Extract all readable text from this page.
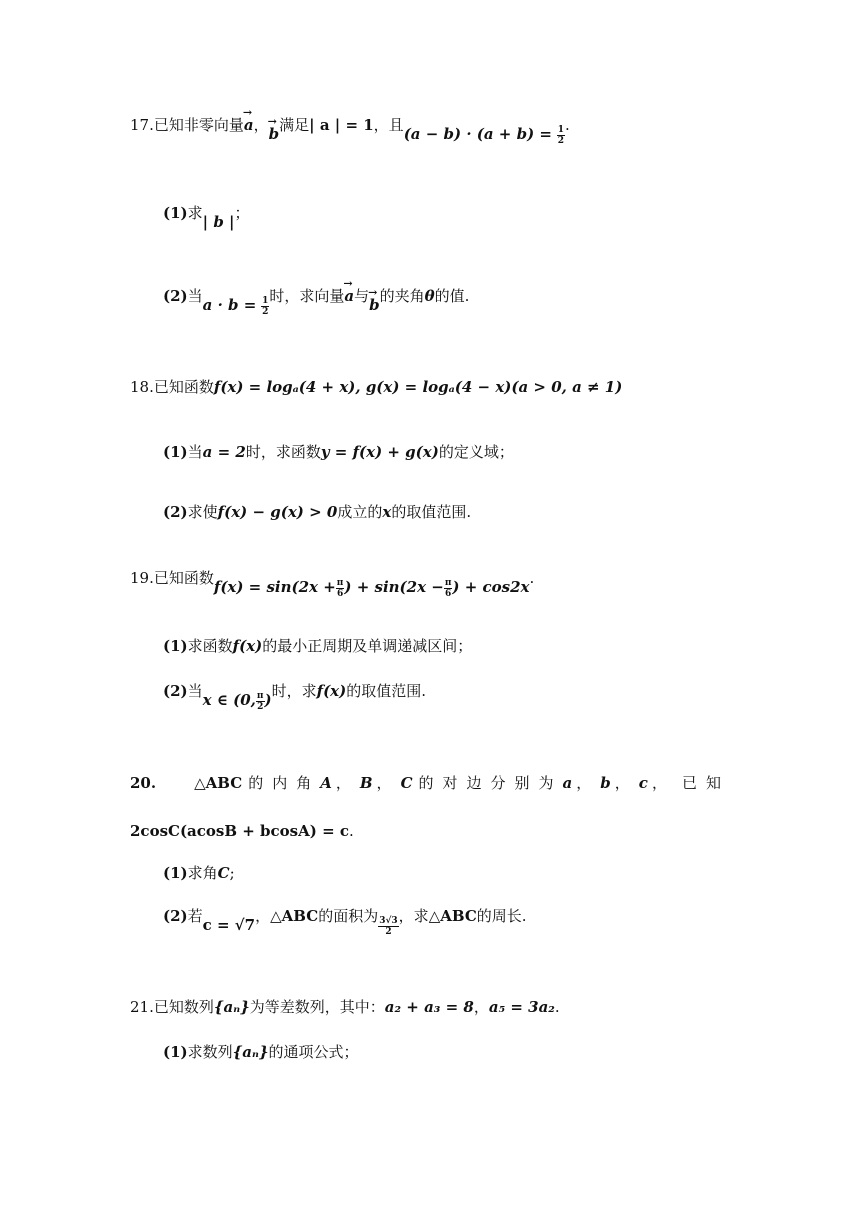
17.已知非零向量→ a，→ b满足| a | = 1，且$(a - b) \cdot (a + b) = \frac{1}{2}$ .
(1)求| b |；
(2)当$a \cdot b = \frac{1}{2}$ 时，求向量→ a与→ b的夹角θ的值.
18.已知函数f(x) = logₐ(4 + x), g(x) = logₐ(4 − x)(a > 0, a ≠ 1)
(1)当a = 2时，求函数y = f(x) + g(x)的定义域；
(2)求使f(x) − g(x) > 0成立的x的取值范围.
19.已知函数$f(x) = \sin(2x + \frac{\pi}{6}$ ) + $\sin(2x - \frac{\pi}{6}$ ) + cos2x.
(1)求函数f(x)的最小正周期及单调递减区间；
(2)当x ∈ (0, $\frac{\pi}{2}$ )时，求f(x)的取值范围.
20.	△ABC 的内角A ，B ，C 的对边分别为a ，b ，c ， 已知
2cosC(acosB + bcosA) = c.
(1)求角C;
(2)若c = √7，△ABC的面积为 $\frac{3√3}{2}$ ，求△ABC的周长.
21.已知数列{aₙ}为等差数列，其中：a₂ + a₃ = 8，a₅ = 3a₂.
(1)求数列{aₙ}的通项公式；
